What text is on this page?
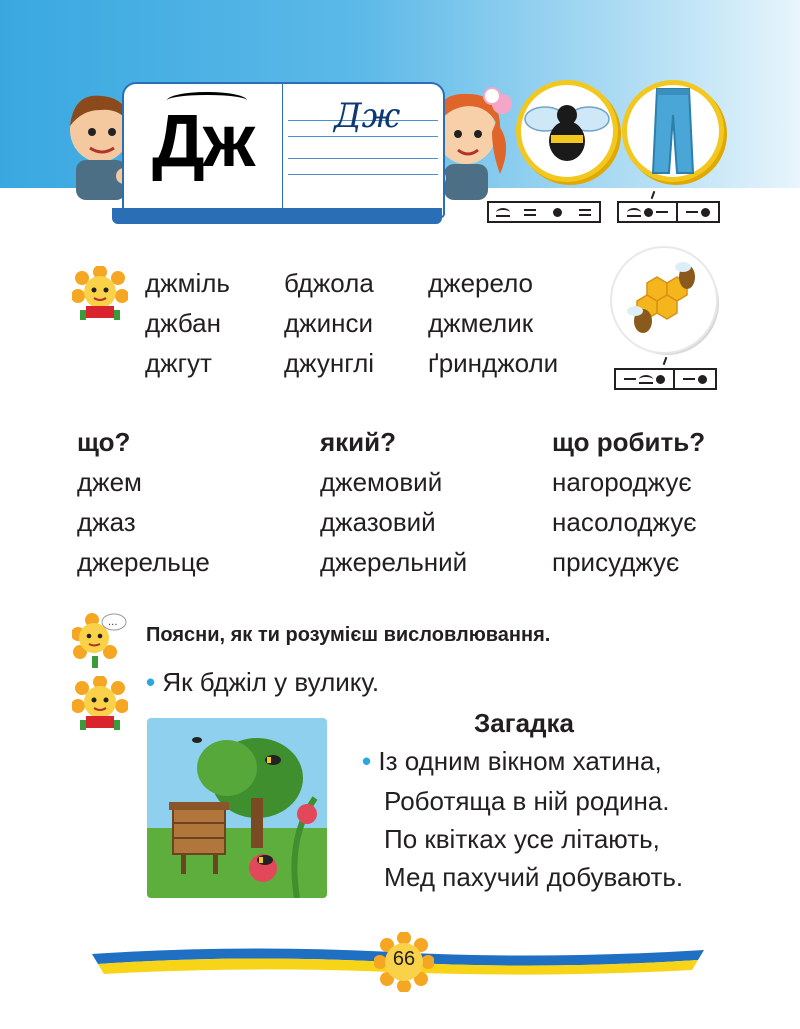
Дж Дж
джміль
джбан
джгут
бджола
джинси
джунглі
джерело
джмелик
ґринджоли
що?
джем
джаз
джерельце
який?
джемовий
джазовий
джерельний
що робить?
нагороджує
насолоджує
присуджує
...
Поясни, як ти розумієш висловлювання.
• Як бджіл у вулику.
Загадка
• Із одним вікном хатина,
Роботяща в ній родина.
По квітках усе літають,
Мед пахучий добувають.
66
